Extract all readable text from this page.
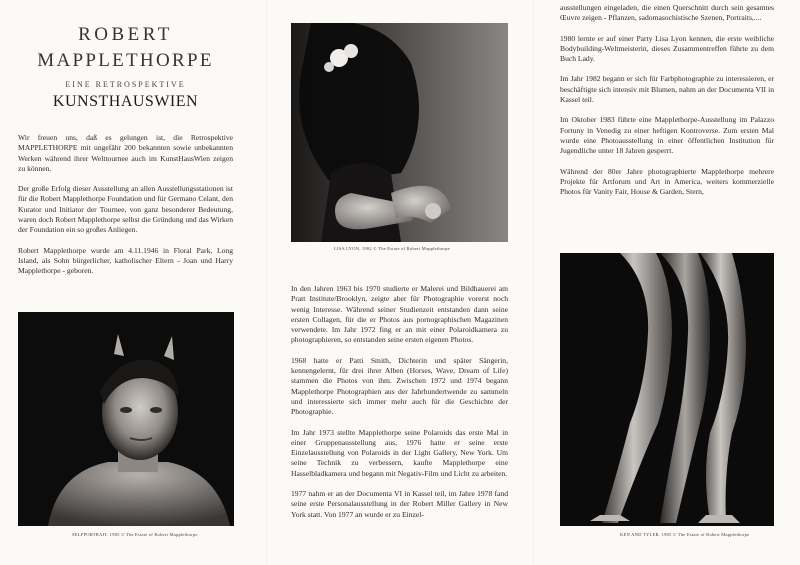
ROBERT
MAPPLETHORPE
EINE RETROSPEKTIVE
KUNSTHAUSWIEN

Wir freuen uns, daß es gelungen ist, die Retrospektive MAPPLETHORPE mit ungefähr 200 bekannten sowie unbekannten Werken während ihrer Welttournee auch im KunstHausWien zeigen zu können.

Der große Erfolg dieser Ausstellung an allen Ausstellungsstationen ist für die Robert Mapplethorpe Foundation und für Germano Celant, den Kurator und Initiator der Tournee, von ganz besonderer Bedeutung, waren doch Robert Mapplethorpe selbst die Gründung und das Wirken der Foundation ein so großes Anliegen.

Robert Mapplethorpe wurde am 4.11.1946 in Floral Park, Long Island, als Sohn bürgerlicher, katholischer Eltern - Joan und Harry Mapplethorpe - geboren.

SELFPORTRAIT, 1985 © The Estate of Robert Mapplethorpe
LISA LYON, 1982 © The Estate of Robert Mapplethorpe

In den Jahren 1963 bis 1970 studierte er Malerei und Bildhauerei am Pratt Institute/Brooklyn, zeigte aber für Photographie vorerst noch wenig Interesse. Während seiner Studienzeit entstanden dann seine ersten Collagen, für die er Photos aus pornographischen Magazinen verwendete. Im Jahr 1972 fing er an mit einer Polaroidkamera zu photographieren, so entstanden seine ersten eigenen Photos.

1968 hatte er Patti Smith, Dichterin und später Sängerin, kennengelernt, für drei ihrer Alben (Horses, Wave, Dream of Life) stammen die Photos von ihm. Zwischen 1972 und 1974 begann Mapplethorpe Photographien aus der Jahrhundertwende zu sammeln und interessierte sich immer mehr auch für die Geschichte der Photographie.

Im Jahr 1973 stellte Mapplethorpe seine Polaroids das erste Mal in einer Gruppenausstellung aus, 1976 hatte er seine erste Einzelausstellung von Polaroids in der Light Gallery, New York. Um seine Technik zu verbessern, kaufte Mapplethorpe eine Hasselbladkamera und begann mit Negativ-Film und Licht zu arbeiten.

1977 nahm er an der Documenta VI in Kassel teil, im Jahre 1978 fand seine erste Personalausstellung in der Robert Miller Gallery in New York statt. Von 1977 an wurde er zu Einzel-

ausstellungen eingeladen, die einen Querschnitt durch sein gesamtes Œuvre zeigen - Pflanzen, sadomasochistische Szenen, Portraits,....

1980 lernte er auf einer Party Lisa Lyon kennen, die erste weibliche Bodybuilding-Weltmeisterin, dieses Zusammentreffen führte zu dem Buch Lady.

Im Jahr 1982 begann er sich für Farbphotographie zu interessieren, er beschäftigte sich intensiv mit Blumen, nahm an der Documenta VII in Kassel teil.

Im Oktober 1983 führte eine Mapplethorpe-Ausstellung im Palazzo Fortuny in Venedig zu einer heftigen Kontroverse. Zum ersten Mal wurde eine Photoausstellung in einer öffentlichen Institution für Jugendliche unter 18 Jahren gesperrt.

Während der 80er Jahre photographierte Mapplethorpe mehrere Projekte für Artforum und Art in America, weiters kommerzielle Photos für Vanity Fair, House & Garden, Stern,

KEN AND TYLER, 1985 © The Estate of Robert Mapplethorpe
